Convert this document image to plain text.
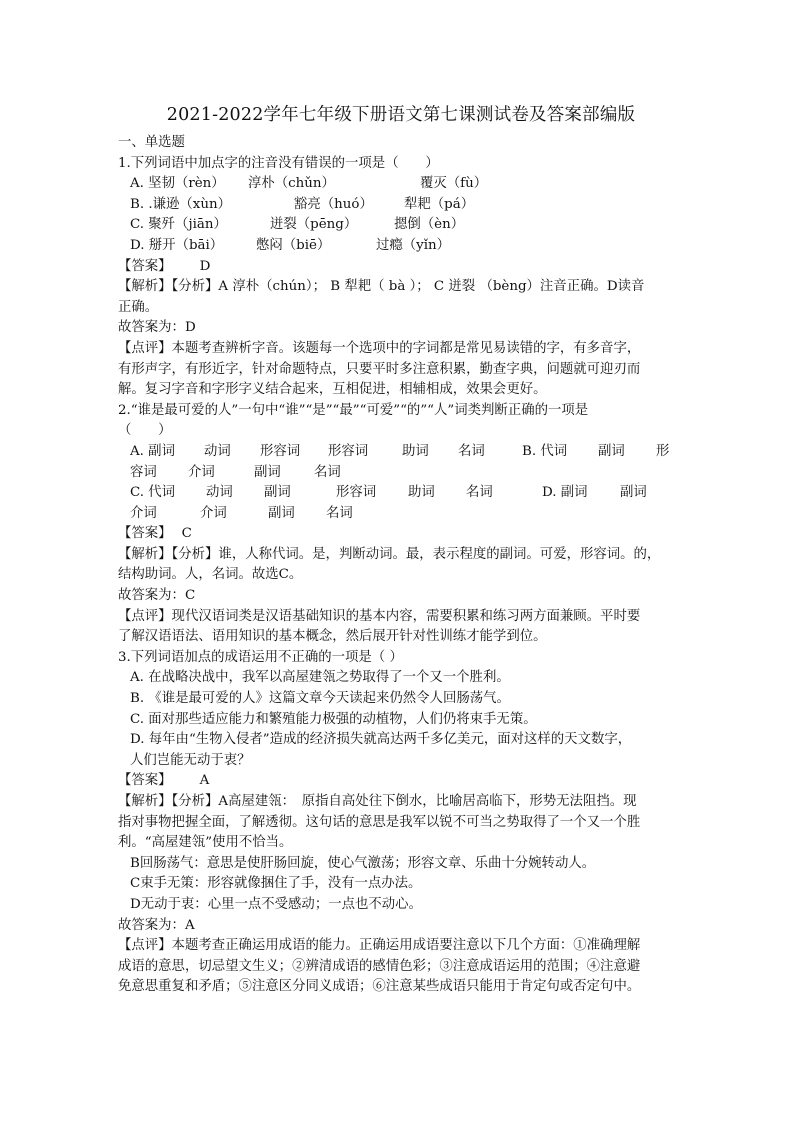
2021-2022学年七年级下册语文第七课测试卷及答案部编版
一、单选题
1.下列词语中加点字的注音没有错误的一项是（　　）
A. 坚韧（rèn） 淳朴（chǔn）	覆灭（fù）
B. .谦逊（xùn）	豁亮（huó） 犁耙（pá）
C. 聚歼（jiān）	迸裂（pēng）	摁倒（èn）
D. 掰开（bāi） 憋闷（biē）	过瘾（yǐn）
【答案】 D
【解析】【分析】A 淳朴（chún）； B 犁耙（ bà ）； C 迸裂 （bèng）注音正确。D读音
正确。
故答案为：D
【点评】本题考查辨析字音。该题每一个选项中的字词都是常见易读错的字，有多音字，
有形声字，有形近字，针对命题特点，只要平时多注意积累，勤查字典，问题就可迎刃而
解。复习字音和字形字义结合起来，互相促进，相辅相成，效果会更好。
2.“谁是最可爱的人”一句中“谁”“是”“最”“可爱”“的”“人”词类判断正确的一项是
（　　）
A. 副词 动词 形容词 形容词	助词 名词	B. 代词 副词 形
容词 介词	副词 名词
C. 代词 动词 副词	形容词 助词 名词	D. 副词 副词
介词	介词	副词 名词
【答案】 C
【解析】【分析】谁，人称代词。是，判断动词。最，表示程度的副词。可爱，形容词。的，
结构助词。人，名词。故选C。
故答案为：C
【点评】现代汉语词类是汉语基础知识的基本内容，需要积累和练习两方面兼顾。平时要
了解汉语语法、语用知识的基本概念，然后展开针对性训练才能学到位。
3.下列词语加点的成语运用不正确的一项是（ ）
A. 在战略决战中，我军以高屋建瓴之势取得了一个又一个胜利。
B. 《谁是最可爱的人》这篇文章今天读起来仍然令人回肠荡气。
C. 面对那些适应能力和繁殖能力极强的动植物，人们仍将束手无策。
D. 每年由“生物入侵者”造成的经济损失就高达两千多亿美元，面对这样的天文数字，
人们岂能无动于衷？
【答案】 A
【解析】【分析】A高屋建瓴：　原指自高处往下倒水，比喻居高临下，形势无法阻挡。现
指对事物把握全面，了解透彻。这句话的意思是我军以锐不可当之势取得了一个又一个胜
利。“高屋建瓴”使用不恰当。
B回肠荡气：意思是使肝肠回旋，使心气激荡；形容文章、乐曲十分婉转动人。
C束手无策：形容就像捆住了手，没有一点办法。
D无动于衷：心里一点不受感动；一点也不动心。
故答案为：A
【点评】本题考查正确运用成语的能力。正确运用成语要注意以下几个方面：①准确理解
成语的意思，切忌望文生义；②辨清成语的感情色彩；③注意成语运用的范围；④注意避
免意思重复和矛盾；⑤注意区分同义成语；⑥注意某些成语只能用于肯定句或否定句中。
